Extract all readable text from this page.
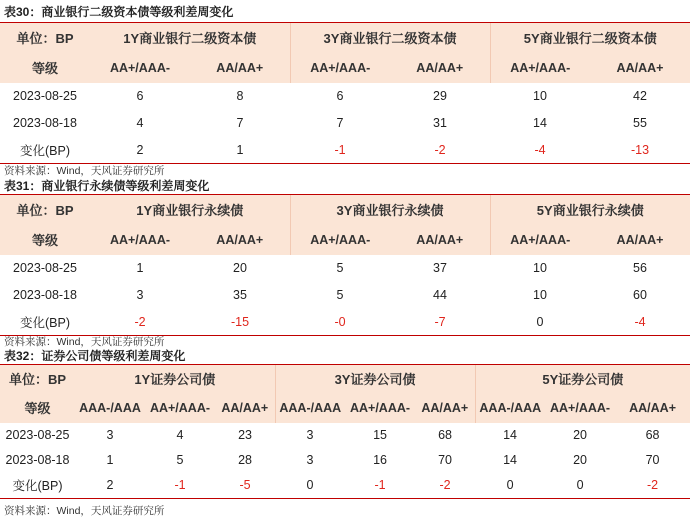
表30：商业银行二级资本债等级利差周变化
单位：BP	1Y商业银行二级资本债		3Y商业银行二级资本债		5Y商业银行二级资本债	
等级	AA+/AAA-	AA/AA+	AA+/AAA-	AA/AA+	AA+/AAA-	AA/AA+
2023-08-25	6	8	6	29	10	42
2023-08-18	4	7	7	31	14	55
变化(BP)	2	1	-1	-2	-4	-13
资料来源：Wind，天风证券研究所
表31：商业银行永续债等级利差周变化
单位：BP	1Y商业银行永续债		3Y商业银行永续债		5Y商业银行永续债	
等级	AA+/AAA-	AA/AA+	AA+/AAA-	AA/AA+	AA+/AAA-	AA/AA+
2023-08-25	1	20	5	37	10	56
2023-08-18	3	35	5	44	10	60
变化(BP)	-2	-15	-0	-7	0	-4
资料来源：Wind，天风证券研究所
表32：证券公司债等级利差周变化
单位：BP	1Y证券公司债			3Y证券公司债			5Y证券公司债		
等级	AAA-/AAA	AA+/AAA-	AA/AA+	AAA-/AAA	AA+/AAA-	AA/AA+	AAA-/AAA	AA+/AAA-	AA/AA+
2023-08-25	3	4	23	3	15	68	14	20	68
2023-08-18	1	5	28	3	16	70	14	20	70
变化(BP)	2	-1	-5	0	-1	-2	0	0	-2
资料来源：Wind，天风证券研究所
